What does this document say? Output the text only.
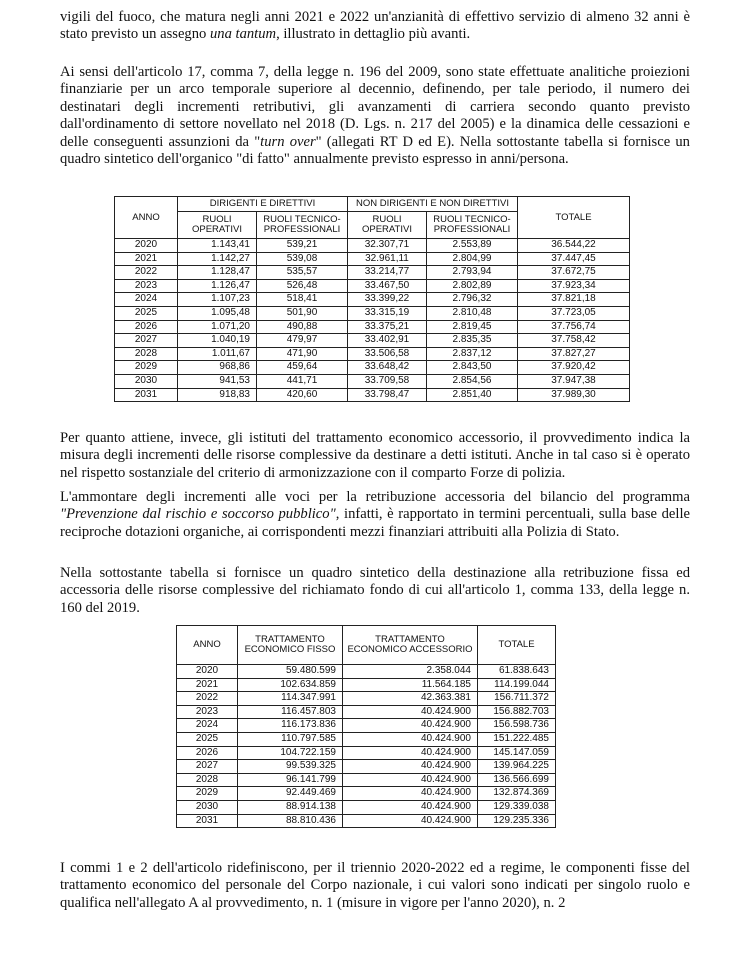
vigili del fuoco, che matura negli anni 2021 e 2022 un'anzianità di effettivo servizio di almeno 32 anni è stato previsto un assegno una tantum, illustrato in dettaglio più avanti.

Ai sensi dell'articolo 17, comma 7, della legge n. 196 del 2009, sono state effettuate analitiche proiezioni finanziarie per un arco temporale superiore al decennio, definendo, per tale periodo, il numero dei destinatari degli incrementi retributivi, gli avanzamenti di carriera secondo quanto previsto dall'ordinamento di settore novellato nel 2018 (D. Lgs. n. 217 del 2005) e la dinamica delle cessazioni e delle conseguenti assunzioni da "turn over" (allegati RT D ed E). Nella sottostante tabella si fornisce un quadro sintetico dell'organico "di fatto" annualmente previsto espresso in anni/persona.

ANNO	DIRIGENTI E DIRETTIVI		NON DIRIGENTI E NON DIRETTIVI		TOTALE
	RUOLI OPERATIVI	RUOLI TECNICO-PROFESSIONALI	RUOLI OPERATIVI	RUOLI TECNICO-PROFESSIONALI	
2020	1.143,41	539,21	32.307,71	2.553,89	36.544,22
2021	1.142,27	539,08	32.961,11	2.804,99	37.447,45
2022	1.128,47	535,57	33.214,77	2.793,94	37.672,75
2023	1.126,47	526,48	33.467,50	2.802,89	37.923,34
2024	1.107,23	518,41	33.399,22	2.796,32	37.821,18
2025	1.095,48	501,90	33.315,19	2.810,48	37.723,05
2026	1.071,20	490,88	33.375,21	2.819,45	37.756,74
2027	1.040,19	479,97	33.402,91	2.835,35	37.758,42
2028	1.011,67	471,90	33.506,58	2.837,12	37.827,27
2029	968,86	459,64	33.648,42	2.843,50	37.920,42
2030	941,53	441,71	33.709,58	2.854,56	37.947,38
2031	918,83	420,60	33.798,47	2.851,40	37.989,30

Per quanto attiene, invece, gli istituti del trattamento economico accessorio, il provvedimento indica la misura degli incrementi delle risorse complessive da destinare a detti istituti. Anche in tal caso si è operato nel rispetto sostanziale del criterio di armonizzazione con il comparto Forze di polizia.

L'ammontare degli incrementi alle voci per la retribuzione accessoria del bilancio del programma "Prevenzione dal rischio e soccorso pubblico", infatti, è rapportato in termini percentuali, sulla base delle reciproche dotazioni organiche, ai corrispondenti mezzi finanziari attribuiti alla Polizia di Stato.

Nella sottostante tabella si fornisce un quadro sintetico della destinazione alla retribuzione fissa ed accessoria delle risorse complessive del richiamato fondo di cui all'articolo 1, comma 133, della legge n. 160 del 2019.

ANNO	TRATTAMENTO ECONOMICO FISSO	TRATTAMENTO ECONOMICO ACCESSORIO	TOTALE
2020	59.480.599	2.358.044	61.838.643
2021	102.634.859	11.564.185	114.199.044
2022	114.347.991	42.363.381	156.711.372
2023	116.457.803	40.424.900	156.882.703
2024	116.173.836	40.424.900	156.598.736
2025	110.797.585	40.424.900	151.222.485
2026	104.722.159	40.424.900	145.147.059
2027	99.539.325	40.424.900	139.964.225
2028	96.141.799	40.424.900	136.566.699
2029	92.449.469	40.424.900	132.874.369
2030	88.914.138	40.424.900	129.339.038
2031	88.810.436	40.424.900	129.235.336

I commi 1 e 2 dell'articolo ridefiniscono, per il triennio 2020-2022 ed a regime, le componenti fisse del trattamento economico del personale del Corpo nazionale, i cui valori sono indicati per singolo ruolo e qualifica nell'allegato A al provvedimento, n. 1 (misure in vigore per l'anno 2020), n. 2
